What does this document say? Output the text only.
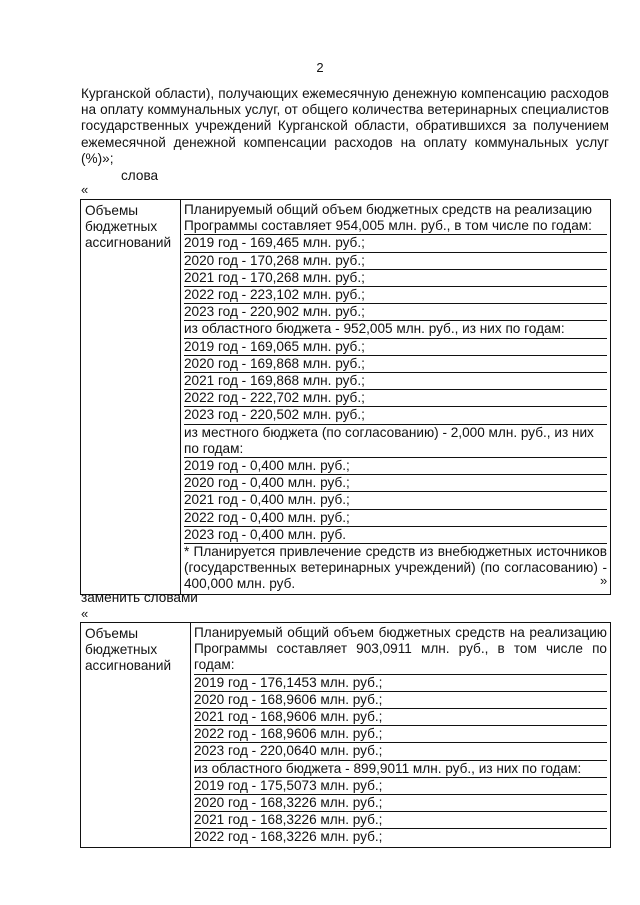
2
Курганской области), получающих ежемесячную денежную компенсацию расходов на оплату коммунальных услуг, от общего количества ветеринарных специалистов государственных учреждений Курганской области, обратившихся за получением ежемесячной денежной компенсации расходов на оплату коммунальных услуг (%)»;
слова
«
Объемы бюджетных ассигнований

Планируемый общий объем бюджетных средств на реализацию Программы составляет 954,005 млн. руб., в том числе по годам:
2019 год - 169,465 млн. руб.;
2020 год - 170,268 млн. руб.;
2021 год - 170,268 млн. руб.;
2022 год - 223,102 млн. руб.;
2023 год - 220,902 млн. руб.;
из областного бюджета - 952,005 млн. руб., из них по годам:
2019 год - 169,065 млн. руб.;
2020 год - 169,868 млн. руб.;
2021 год - 169,868 млн. руб.;
2022 год - 222,702 млн. руб.;
2023 год - 220,502 млн. руб.;
из местного бюджета (по согласованию) - 2,000 млн. руб., из них по годам:
2019 год - 0,400 млн. руб.;
2020 год - 0,400 млн. руб.;
2021 год - 0,400 млн. руб.;
2022 год - 0,400 млн. руб.;
2023 год - 0,400 млн. руб.
* Планируется привлечение средств из внебюджетных источников (государственных ветеринарных учреждений) (по согласованию) - 400,000 млн. руб.	»
заменить словами
«
Объемы бюджетных ассигнований

Планируемый общий объем бюджетных средств на реализацию Программы составляет 903,0911 млн. руб., в том числе по годам:
2019 год - 176,1453 млн. руб.;
2020 год - 168,9606 млн. руб.;
2021 год - 168,9606 млн. руб.;
2022 год - 168,9606 млн. руб.;
2023 год - 220,0640 млн. руб.;
из областного бюджета - 899,9011 млн. руб., из них по годам:
2019 год - 175,5073 млн. руб.;
2020 год - 168,3226 млн. руб.;
2021 год - 168,3226 млн. руб.;
2022 год - 168,3226 млн. руб.;
